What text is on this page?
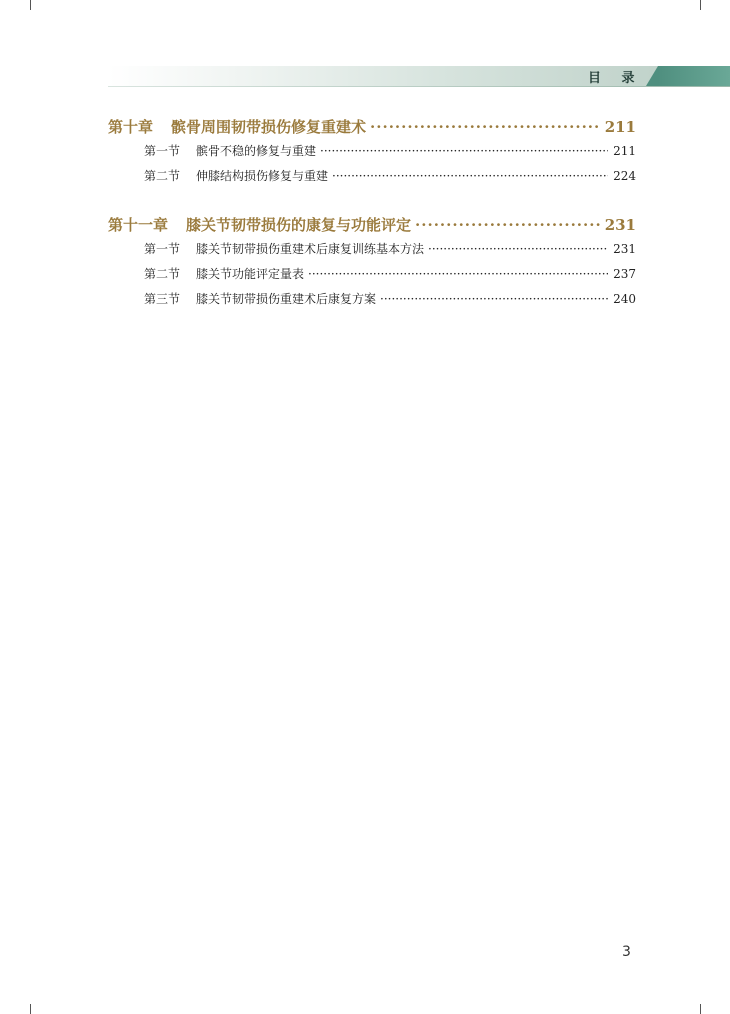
目 录
第十章 髌骨周围韧带损伤修复重建术 ·····	211
第一节 髌骨不稳的修复与重建 ·····	211
第二节 伸膝结构损伤修复与重建 ·····	224
第十一章 膝关节韧带损伤的康复与功能评定 ·····	231
第一节 膝关节韧带损伤重建术后康复训练基本方法 ·····	231
第二节 膝关节功能评定量表 ·····	237
第三节 膝关节韧带损伤重建术后康复方案 ·····	240
3
